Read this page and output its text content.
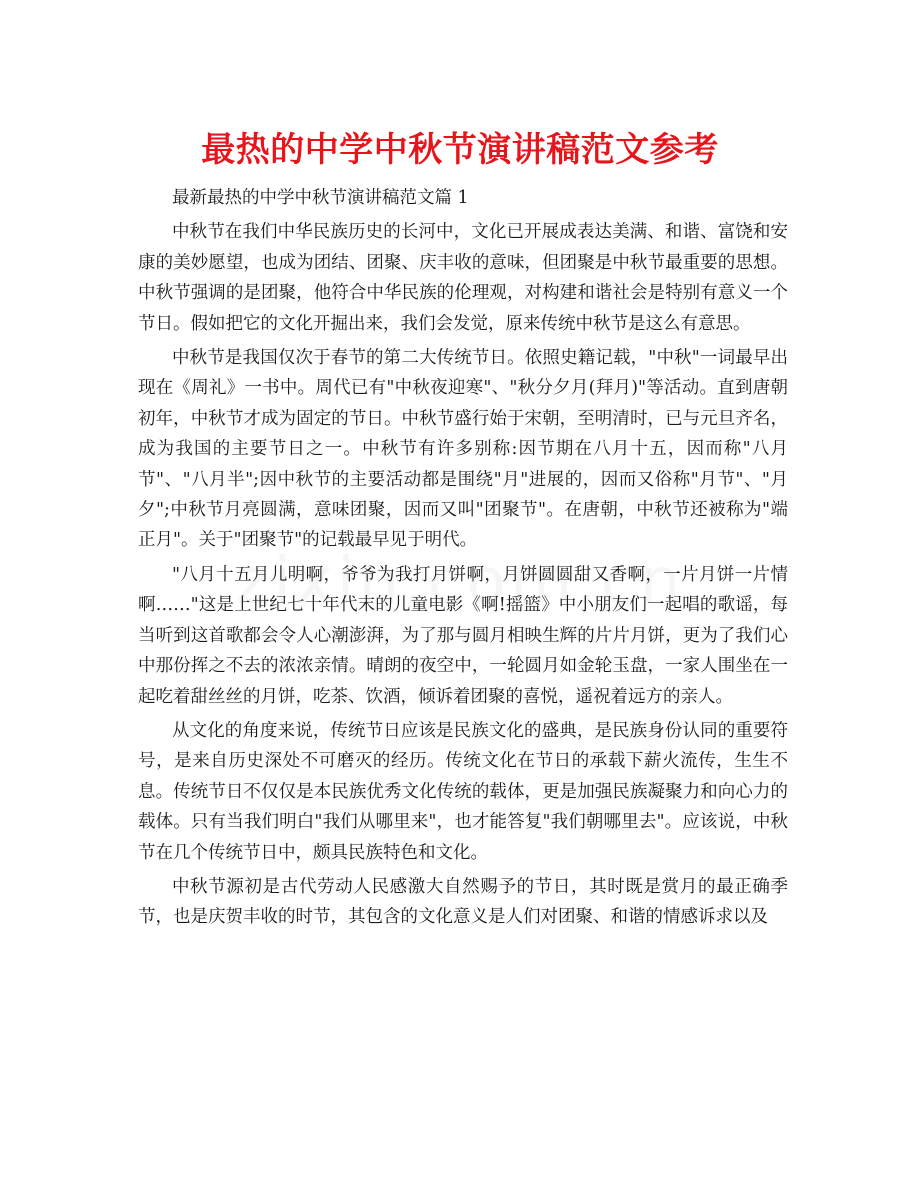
最热的中学中秋节演讲稿范文参考

最新最热的中学中秋节演讲稿范文篇 1

中秋节在我们中华民族历史的长河中，文化已开展成表达美满、和谐、富饶和安康的美妙愿望，也成为团结、团聚、庆丰收的意味，但团聚是中秋节最重要的思想。中秋节强调的是团聚，他符合中华民族的伦理观，对构建和谐社会是特别有意义一个节日。假如把它的文化开掘出来，我们会发觉，原来传统中秋节是这么有意思。

中秋节是我国仅次于春节的第二大传统节日。依照史籍记载，"中秋"一词最早出现在《周礼》一书中。周代已有"中秋夜迎寒"、"秋分夕月(拜月)"等活动。直到唐朝初年，中秋节才成为固定的节日。中秋节盛行始于宋朝，至明清时，已与元旦齐名，成为我国的主要节日之一。中秋节有许多别称:因节期在八月十五，因而称"八月节"、"八月半";因中秋节的主要活动都是围绕"月"进展的，因而又俗称"月节"、"月夕";中秋节月亮圆满，意味团聚，因而又叫"团聚节"。在唐朝，中秋节还被称为"端正月"。关于"团聚节"的记载最早见于明代。

"八月十五月儿明啊，爷爷为我打月饼啊，月饼圆圆甜又香啊，一片月饼一片情啊……"这是上世纪七十年代末的儿童电影《啊!摇篮》中小朋友们一起唱的歌谣，每当听到这首歌都会令人心潮澎湃，为了那与圆月相映生辉的片片月饼，更为了我们心中那份挥之不去的浓浓亲情。晴朗的夜空中，一轮圆月如金轮玉盘，一家人围坐在一起吃着甜丝丝的月饼，吃茶、饮酒，倾诉着团聚的喜悦，遥祝着远方的亲人。

从文化的角度来说，传统节日应该是民族文化的盛典，是民族身份认同的重要符号，是来自历史深处不可磨灭的经历。传统文化在节日的承载下薪火流传，生生不息。传统节日不仅仅是本民族优秀文化传统的载体，更是加强民族凝聚力和向心力的载体。只有当我们明白"我们从哪里来"，也才能答复"我们朝哪里去"。应该说，中秋节在几个传统节日中，颇具民族特色和文化。

中秋节源初是古代劳动人民感激大自然赐予的节日，其时既是赏月的最正确季节，也是庆贺丰收的时节，其包含的文化意义是人们对团聚、和谐的情感诉求以及
